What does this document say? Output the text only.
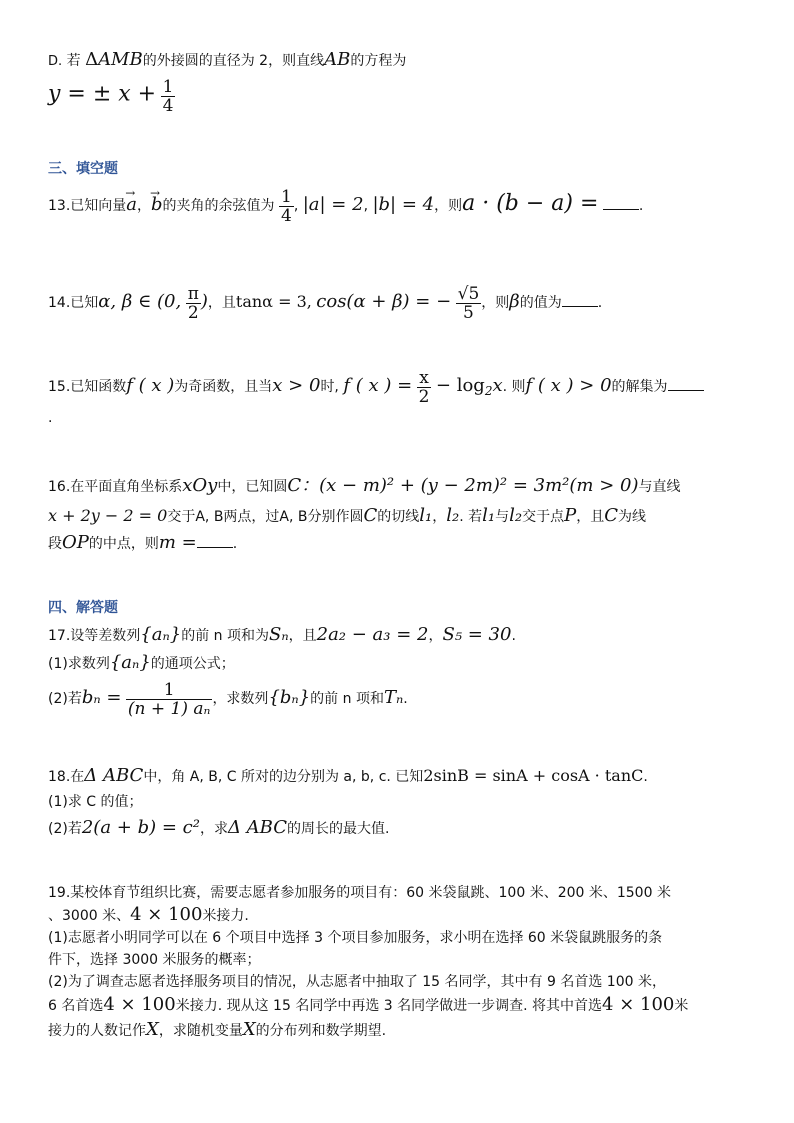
D. 若 ΔAMB的外接圆的直径为 2，则直线AB的方程为
y = ± $x + \frac{1}{4}$
三、填空题
13.已知向量→ a，→ b的夹角的余弦值为 $\frac{1}{4}$ , |a| = 2, |b| = 4，则a · (b − a) =	.
14.已知α, β ∈ (0, $\frac{\pi}{2}$ )，且tanα = 3, cos(α + β) = − $\frac{√5}{5}$ ，则β的值为	.
15.已知函数f ( x )为奇函数，且当x > 0时, f ( x ) = $\frac{x}{2} - \log_2x$. 则f ( x ) > 0的解集为
.
16.在平面直角坐标系xOy中，已知圆C：(x − m)² + (y − 2m)² = 3m²(m > 0)与直线
x + 2y − 2 = 0交于A, B两点，过A, B分别作圆C的切线l₁，l₂. 若l₁与l₂交于点P，且C为线
段OP的中点，则m =	.
四、解答题
17.设等差数列{aₙ}的前 n 项和为Sₙ，且2a₂ − a₃ = 2，S₅ = 30.
(1)求数列{aₙ}的通项公式；
(2)若$b_n = \frac{1}{\text{(n + 1) aₙ}}$ ，求数列{bₙ}的前 n 项和Tₙ.
18.在Δ ABC中，角 A, B, C 所对的边分别为 a, b, c. 已知2sinB = sinA + cosA · tanC.
(1)求 C 的值；
(2)若2(a + b) = c²，求Δ ABC的周长的最大值.
19.某校体育节组织比赛，需要志愿者参加服务的项目有：60 米袋鼠跳、100 米、200 米、1500 米
、3000 米、4 × 100米接力.
(1)志愿者小明同学可以在 6 个项目中选择 3 个项目参加服务，求小明在选择 60 米袋鼠跳服务的条
件下，选择 3000 米服务的概率；
(2)为了调查志愿者选择服务项目的情况，从志愿者中抽取了 15 名同学，其中有 9 名首选 100 米，
6 名首选4 × 100米接力. 现从这 15 名同学中再选 3 名同学做进一步调查. 将其中首选4 × 100米
接力的人数记作X，求随机变量X的分布列和数学期望.
